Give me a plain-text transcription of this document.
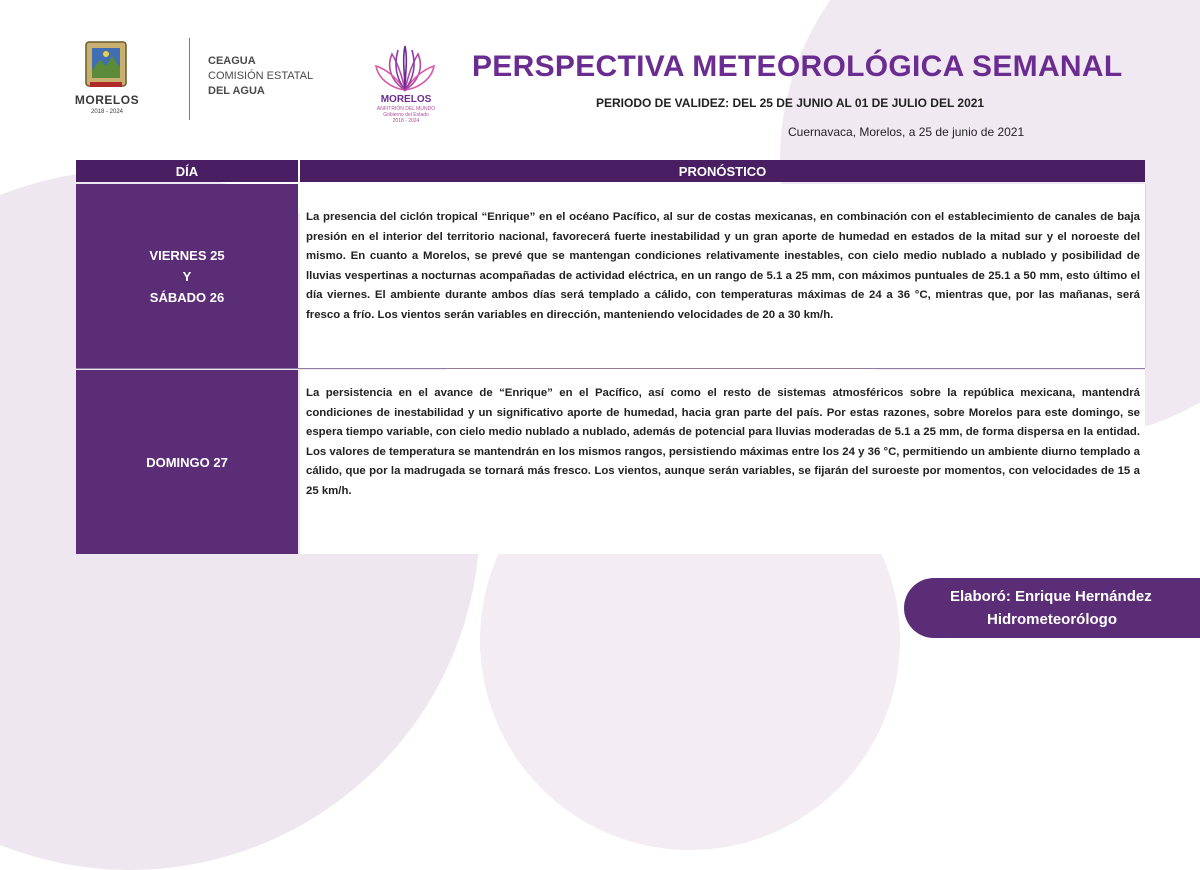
MORELOS
2018 - 2024
CEAGUA
COMISIÓN ESTATAL
DEL AGUA
MORELOS
ANFITRIÓN DEL MUNDO
Gobierno del Estado
2018 - 2024
PERSPECTIVA METEOROLÓGICA SEMANAL
PERIODO DE VALIDEZ: DEL 25 DE JUNIO AL 01 DE JULIO DEL 2021
Cuernavaca, Morelos, a 25 de junio de 2021
DÍA	PRONÓSTICO
VIERNES 25
Y
SÁBADO 26
La presencia del ciclón tropical “Enrique” en el océano Pacífico, al sur de costas mexicanas, en combinación con el establecimiento de canales de baja presión en el interior del territorio nacional, favorecerá fuerte inestabilidad y un gran aporte de humedad en estados de la mitad sur y el noroeste del mismo. En cuanto a Morelos, se prevé que se mantengan condiciones relativamente inestables, con cielo medio nublado a nublado y posibilidad de lluvias vespertinas a nocturnas acompañadas de actividad eléctrica, en un rango de 5.1 a 25 mm, con máximos puntuales de 25.1 a 50 mm, esto último el día viernes. El ambiente durante ambos días será templado a cálido, con temperaturas máximas de 24 a 36 °C, mientras que, por las mañanas, será fresco a frío. Los vientos serán variables en dirección, manteniendo velocidades de 20 a 30 km/h.
DOMINGO 27
La persistencia en el avance de “Enrique” en el Pacífico, así como el resto de sistemas atmosféricos sobre la república mexicana, mantendrá condiciones de inestabilidad y un significativo aporte de humedad, hacia gran parte del país. Por estas razones, sobre Morelos para este domingo, se espera tiempo variable, con cielo medio nublado a nublado, además de potencial para lluvias moderadas de 5.1 a 25 mm, de forma dispersa en la entidad. Los valores de temperatura se mantendrán en los mismos rangos, persistiendo máximas entre los 24 y 36 °C, permitiendo un ambiente diurno templado a cálido, que por la madrugada se tornará más fresco. Los vientos, aunque serán variables, se fijarán del suroeste por momentos, con velocidades de 15 a 25 km/h.
Elaboró: Enrique Hernández
Hidrometeorólogo
